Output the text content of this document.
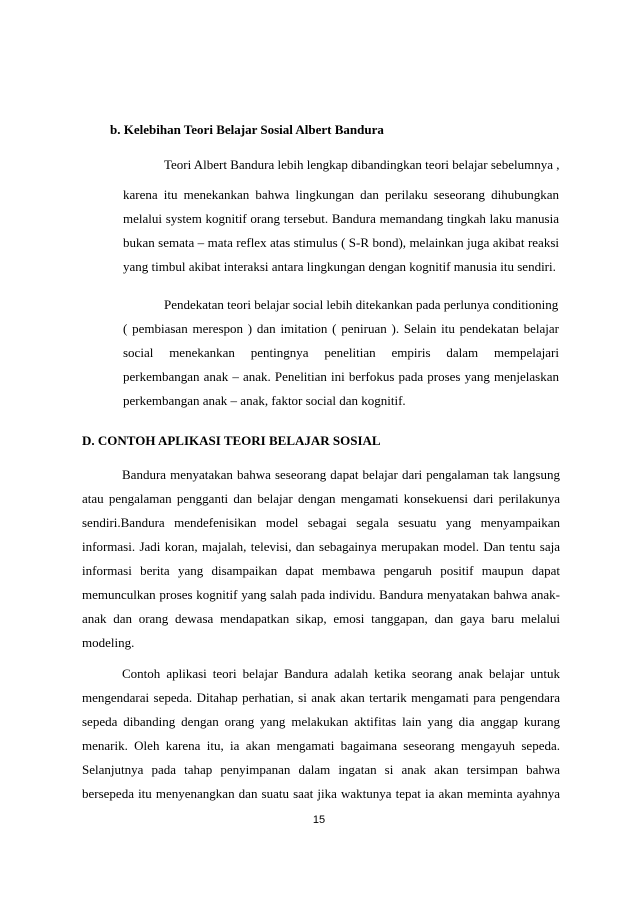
b. Kelebihan Teori Belajar Sosial Albert Bandura
Teori Albert Bandura lebih lengkap dibandingkan teori belajar sebelumnya ,
karena itu menekankan bahwa lingkungan dan perilaku seseorang dihubungkan
melalui system kognitif orang tersebut. Bandura memandang tingkah laku manusia
bukan semata – mata reflex atas stimulus ( S-R bond), melainkan juga akibat reaksi
yang timbul akibat interaksi antara lingkungan dengan kognitif manusia itu sendiri.
Pendekatan teori belajar social lebih ditekankan pada perlunya conditioning
( pembiasan merespon ) dan imitation ( peniruan ). Selain itu pendekatan belajar
social menekankan pentingnya penelitian empiris dalam mempelajari
perkembangan anak – anak. Penelitian ini berfokus pada proses yang menjelaskan
perkembangan anak – anak, faktor social dan kognitif.
D. CONTOH APLIKASI TEORI BELAJAR SOSIAL
Bandura menyatakan bahwa seseorang dapat belajar dari pengalaman tak langsung
atau pengalaman pengganti dan belajar dengan mengamati konsekuensi dari perilakunya
sendiri.Bandura mendefenisikan model sebagai segala sesuatu yang menyampaikan
informasi. Jadi koran, majalah, televisi, dan sebagainya merupakan model. Dan tentu saja
informasi berita yang disampaikan dapat membawa pengaruh positif maupun dapat
memunculkan proses kognitif yang salah pada individu. Bandura menyatakan bahwa anak-
anak dan orang dewasa mendapatkan sikap, emosi tanggapan, dan gaya baru melalui
modeling.
Contoh aplikasi teori belajar Bandura adalah ketika seorang anak belajar untuk
mengendarai sepeda. Ditahap perhatian, si anak akan tertarik mengamati para pengendara
sepeda dibanding dengan orang yang melakukan aktifitas lain yang dia anggap kurang
menarik. Oleh karena itu, ia akan mengamati bagaimana seseorang mengayuh sepeda.
Selanjutnya pada tahap penyimpanan dalam ingatan si anak akan tersimpan bahwa
bersepeda itu menyenangkan dan suatu saat jika waktunya tepat ia akan meminta ayahnya
15
